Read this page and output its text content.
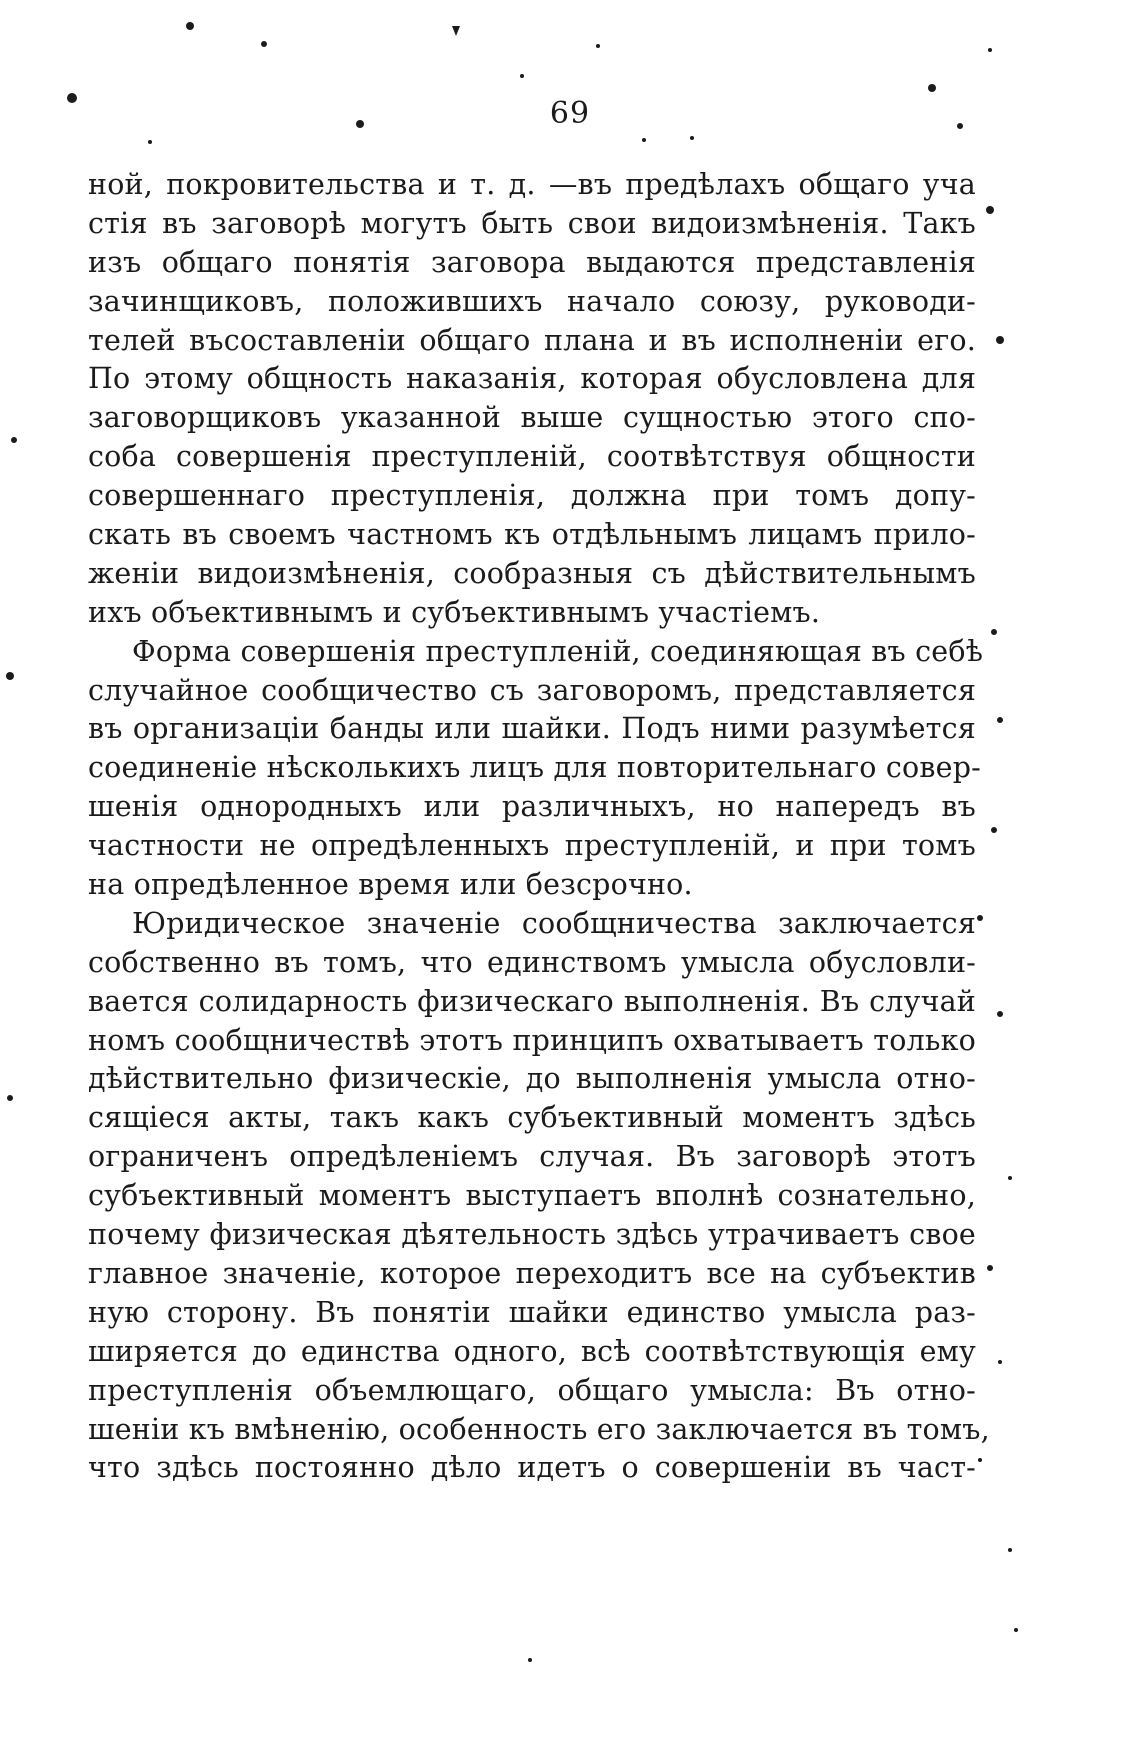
69
ной, покровительства и т. д. —въ предѣлахъ общаго уча
стія въ заговорѣ могутъ быть свои видоизмѣненія. Такъ
изъ общаго понятія заговора выдаются представленія
зачинщиковъ, положившихъ начало союзу, руководи-
телей въсоставленіи общаго плана и въ исполненіи его.
По этому общность наказанія, которая обусловлена для
заговорщиковъ указанной выше сущностью этого спо-
соба совершенія преступленій, соотвѣтствуя общности
совершеннаго преступленія, должна при томъ допу-
скать въ своемъ частномъ къ отдѣльнымъ лицамъ прило-
женіи видоизмѣненія, сообразныя съ дѣйствительнымъ
ихъ объективнымъ и субъективнымъ участіемъ.
Форма совершенія преступленій, соединяющая въ себѣ
случайное сообщичество съ заговоромъ, представляется
въ организаціи банды или шайки. Подъ ними разумѣется
соединеніе нѣсколькихъ лицъ для повторительнаго совер-
шенія однородныхъ или различныхъ, но напередъ въ
частности не опредѣленныхъ преступленій, и при томъ
на опредѣленное время или безсрочно.
Юридическое значеніе сообщничества заключается
собственно въ томъ, что единствомъ умысла обусловли-
вается солидарность физическаго выполненія. Въ случай
номъ сообщничествѣ этотъ принципъ охватываетъ только
дѣйствительно физическіе, до выполненія умысла отно-
сящіеся акты, такъ какъ субъективный моментъ здѣсь
ограниченъ опредѣленіемъ случая. Въ заговорѣ этотъ
субъективный моментъ выступаетъ вполнѣ сознательно,
почему физическая дѣятельность здѣсь утрачиваетъ свое
главное значеніе, которое переходитъ все на субъектив
ную сторону. Въ понятіи шайки единство умысла раз-
ширяется до единства одного, всѣ соотвѣтствующія ему
преступленія объемлющаго, общаго умысла: Въ отно-
шеніи къ вмѣненію, особенность его заключается въ томъ,
что здѣсь постоянно дѣло идетъ о совершеніи въ част-
